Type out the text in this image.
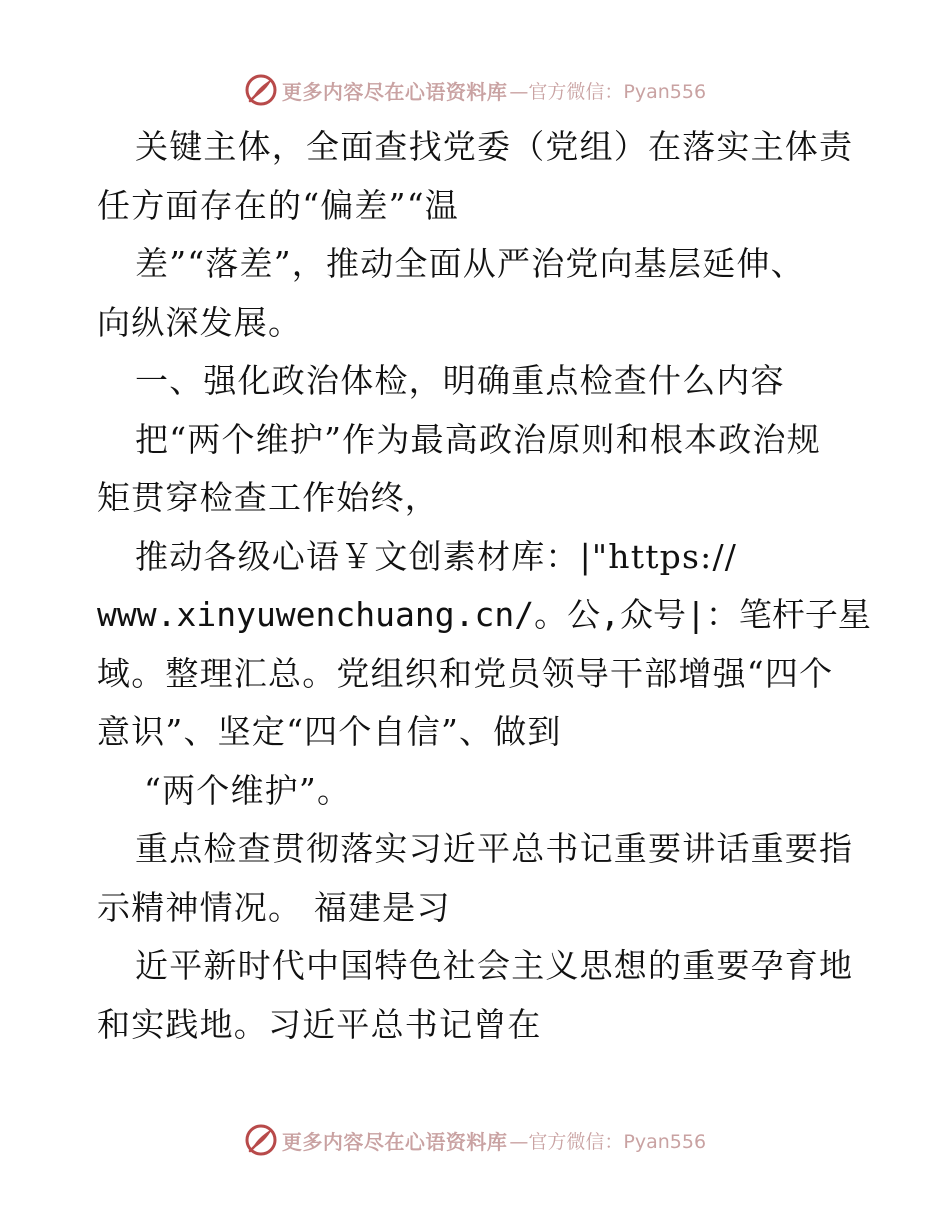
更多内容尽在心语资料库 —官方微信：Pyan556
关键主体，全面查找党委（党组）在落实主体责
任方面存在的“偏差”“温
差”“落差”，推动全面从严治党向基层延伸、
向纵深发展。
一、强化政治体检，明确重点检查什么内容
把“两个维护”作为最高政治原则和根本政治规
矩贯穿检查工作始终，
推动各级心语￥文创素材库：|"https://
www.xinyuwenchuang.cn/。公,众号|：笔杆子星
域。整理汇总。党组织和党员领导干部增强“四个
意识”、坚定“四个自信”、做到
“两个维护”。
重点检查贯彻落实习近平总书记重要讲话重要指
示精神情况。 福建是习
近平新时代中国特色社会主义思想的重要孕育地
和实践地。习近平总书记曾在
更多内容尽在心语资料库 —官方微信：Pyan556
